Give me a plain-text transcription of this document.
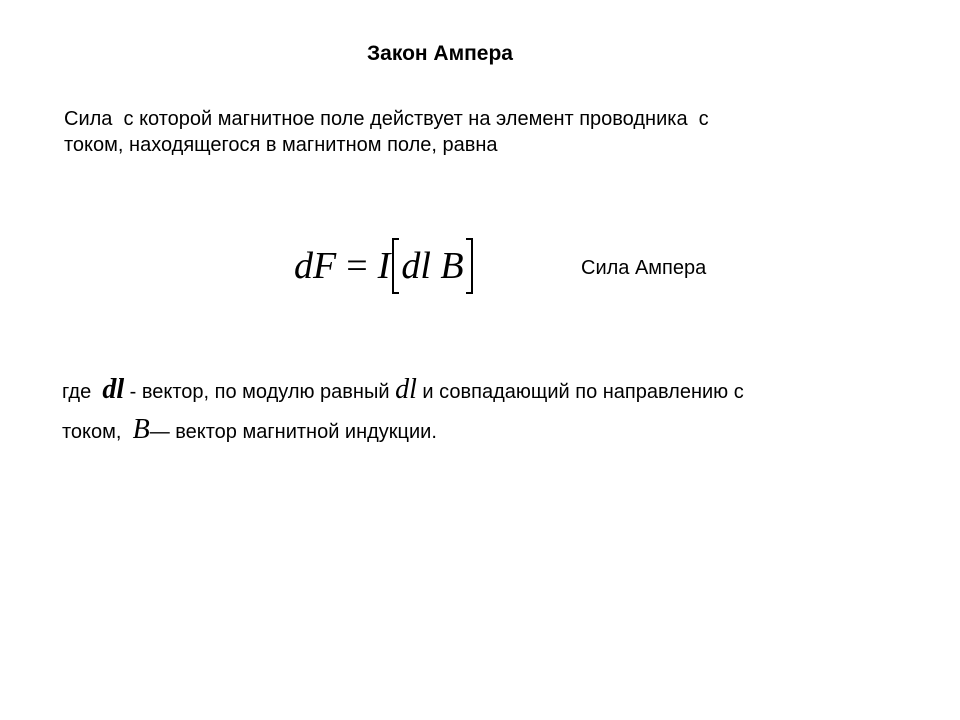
Закон Ампера
Сила  с которой магнитное поле действует на элемент проводника  с
током, находящегося в магнитном поле, равна
dF = I dl B	Сила Ампера
где  dl - вектор, по модулю равный dl и совпадающий по направлению с
током,  B— вектор магнитной индукции.
